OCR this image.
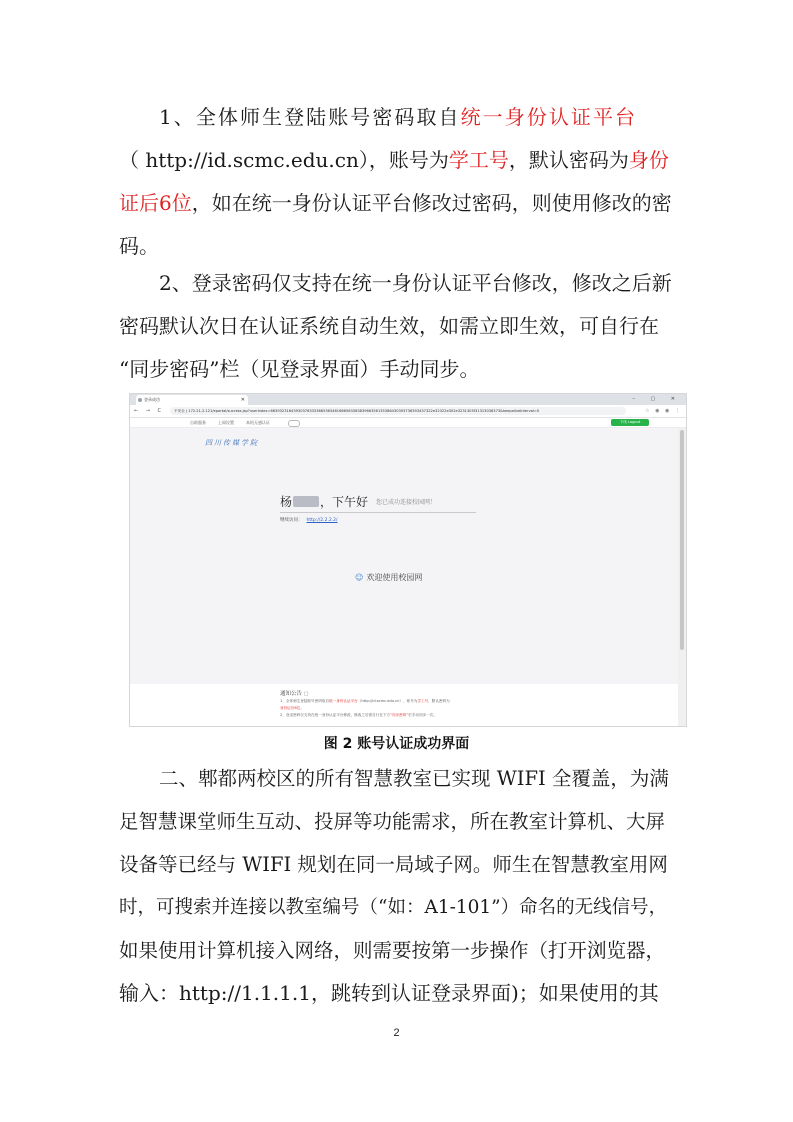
1、全体师生登陆账号密码取自统一身份认证平台
（ http://id.scmc.edu.cn），账号为学工号，默认密码为身份
证后6位，如在统一身份认证平台修改过密码，则使用修改的密
码。
2、登录密码仅支持在统一身份认证平台修改，修改之后新
密码默认次日在认证系统自动生效，如需立即生效，可自行在
“同步密码”栏（见登录界面）手动同步。
登录成功	✕	– ▢ ✕
← → C	不安全 | 172.21.2.121/eportal/success.jsp?userIndex=66393231643930376333366536346166656336383966356135386430393736393437322e32322e302e3231305f31313036373&keepaliveInterval=0	☆ ◉ ◉ ⋮
自助服务	上网设置	本机无感认证	下线 Logout
四川传媒学院
杨 ，下午好 您已成功连接校园网！
继续访问： http://2.2.2.2/
☺ 欢迎使用校园网
通知公告 ◌
1、全体师生登陆账号密码取自统一身份认证平台（http://id.scmc.edu.cn），账号为学工号，默认密码为
身份证后6位。
2、登录密码仅支持在统一身份认证平台修改，修改之后需自行在下方“同步密码”栏手动同步一次。
图 2 账号认证成功界面
二、郫都两校区的所有智慧教室已实现 WIFI 全覆盖，为满
足智慧课堂师生互动、投屏等功能需求，所在教室计算机、大屏
设备等已经与 WIFI 规划在同一局域子网。师生在智慧教室用网
时，可搜索并连接以教室编号（“如：A1-101”）命名的无线信号，
如果使用计算机接入网络，则需要按第一步操作（打开浏览器，
输入：http://1.1.1.1，跳转到认证登录界面)；如果使用的其
2
